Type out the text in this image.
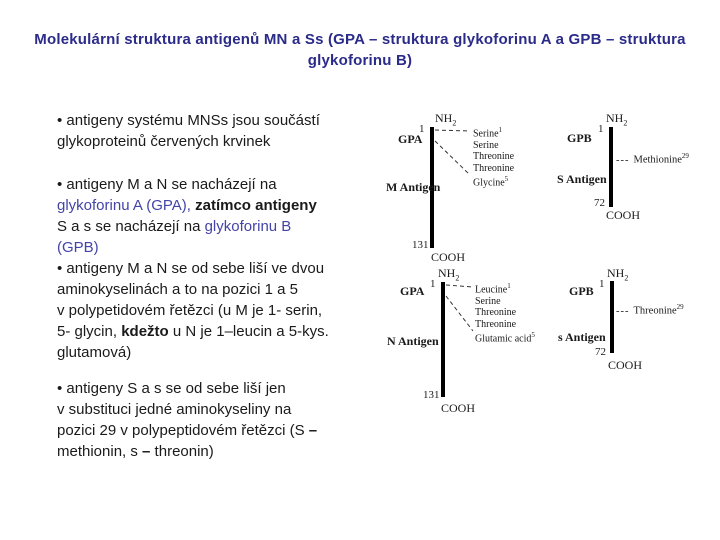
Molekulární struktura antigenů MN a Ss (GPA – struktura glykoforinu A a GPB – struktura glykoforinu B)
• antigeny systému MNSs jsou součástí
glykoproteinů červených krvinek
• antigeny M a N se nacházejí na
glykoforinu A (GPA), zatímco antigeny
S a s se nacházejí na glykoforinu B
(GPB)
• antigeny M a N se od sebe liší ve dvou
aminokyselinách a to na pozici 1 a 5
v polypetidovém řetězci (u M je 1- serin,
5- glycin, kdežto u N je 1–leucin a 5-kys.
glutamová)
• antigeny S a s se od sebe liší jen
v substituci jedné aminokyseliny na
pozici 29 v polypeptidovém řetězci (S –
methionin, s – threonin)
GPA
$NH_2$
1	Serine$^1$
Serine
Threonine
Threonine
Glycine$^5$
M Antigen
131
COOH
GPB
$NH_2$
1
--- Methionine$^{29}$
S Antigen
72
COOH
GPA
$NH_2$
1	Leucine$^1$
Serine
Threonine
Threonine
Glutamic acid$^5$
N Antigen
131
COOH
GPB
$NH_2$
1
--- Threonine$^{29}$
s Antigen
72
COOH
